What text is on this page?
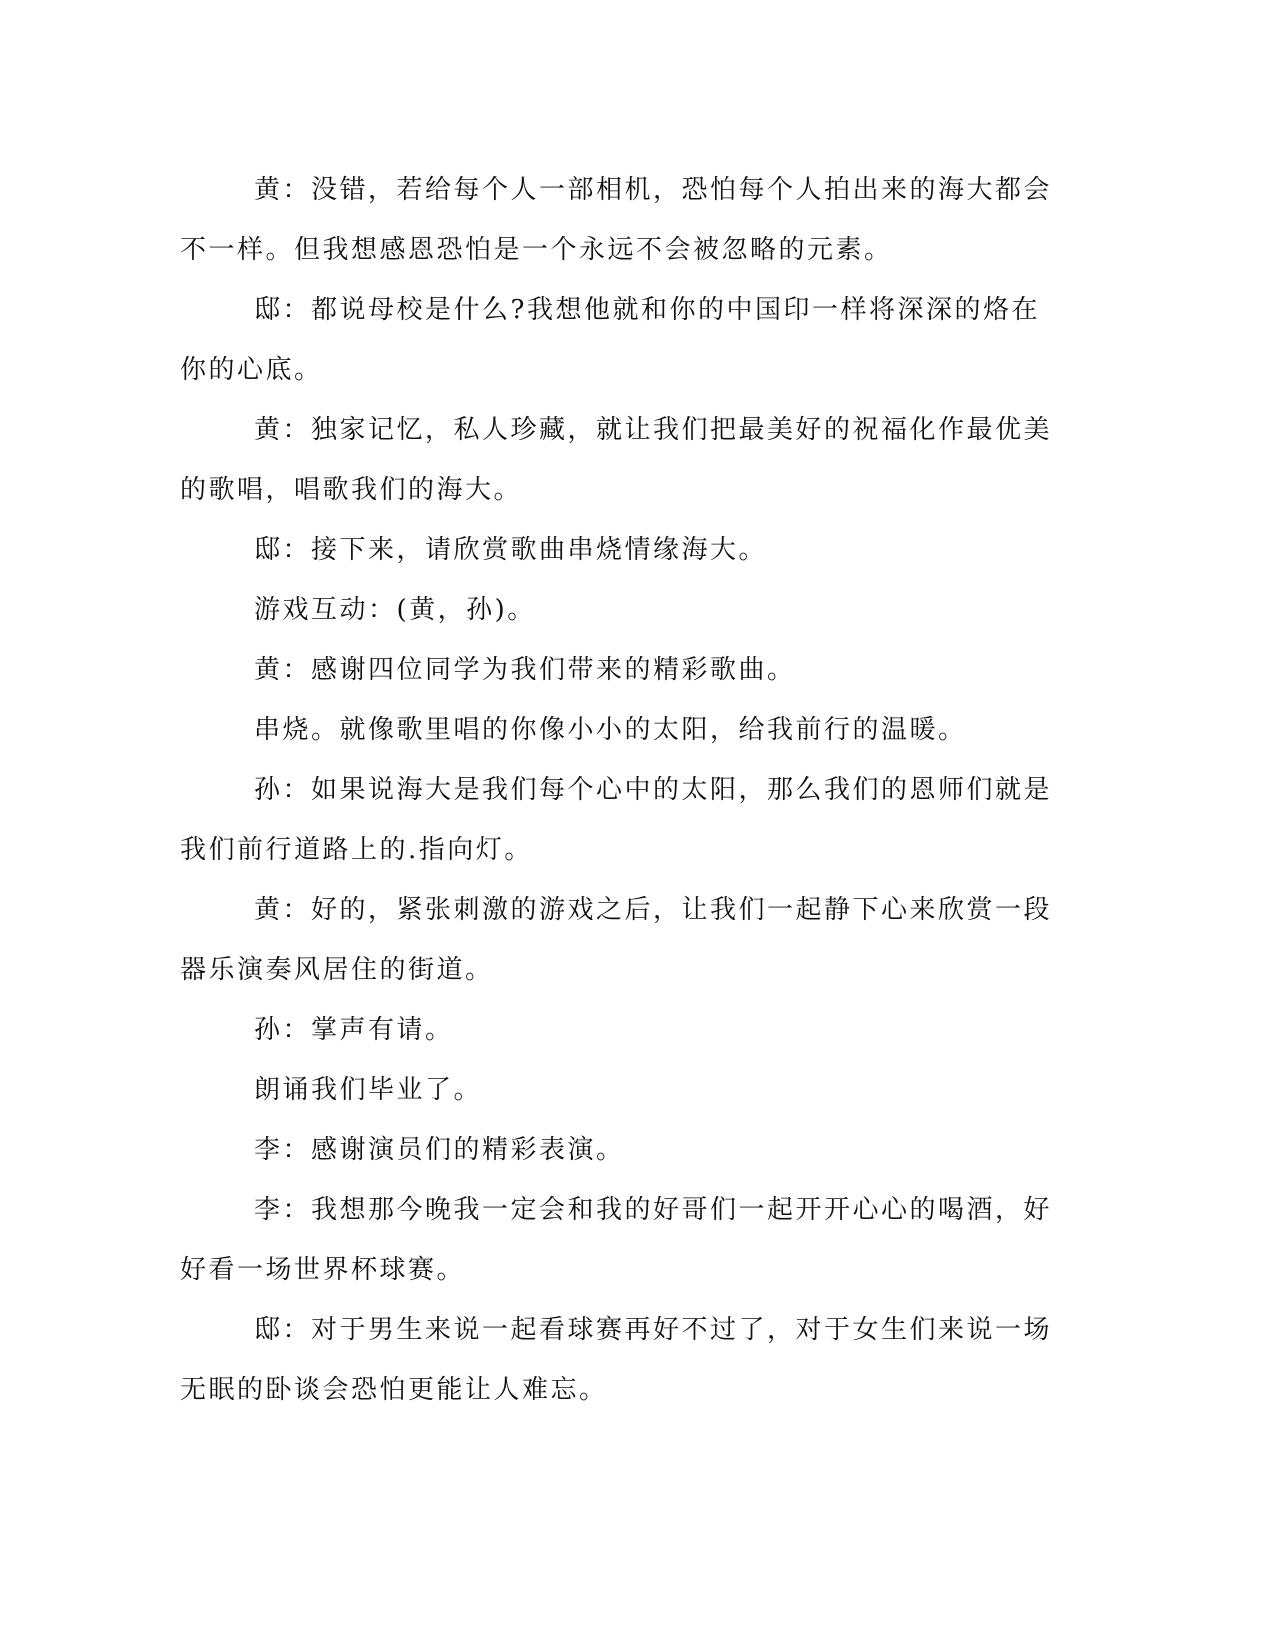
黄：没错，若给每个人一部相机，恐怕每个人拍出来的海大都会不一样。但我想感恩恐怕是一个永远不会被忽略的元素。

邸：都说母校是什么?我想他就和你的中国印一样将深深的烙在你的心底。

黄：独家记忆，私人珍藏，就让我们把最美好的祝福化作最优美的歌唱，唱歌我们的海大。

邸：接下来，请欣赏歌曲串烧情缘海大。

游戏互动：(黄，孙)。

黄：感谢四位同学为我们带来的精彩歌曲。

串烧。就像歌里唱的你像小小的太阳，给我前行的温暖。

孙：如果说海大是我们每个心中的太阳，那么我们的恩师们就是我们前行道路上的.指向灯。

黄：好的，紧张刺激的游戏之后，让我们一起静下心来欣赏一段器乐演奏风居住的街道。

孙：掌声有请。

朗诵我们毕业了。

李：感谢演员们的精彩表演。

李：我想那今晚我一定会和我的好哥们一起开开心心的喝酒，好好看一场世界杯球赛。

邸：对于男生来说一起看球赛再好不过了，对于女生们来说一场无眠的卧谈会恐怕更能让人难忘。
